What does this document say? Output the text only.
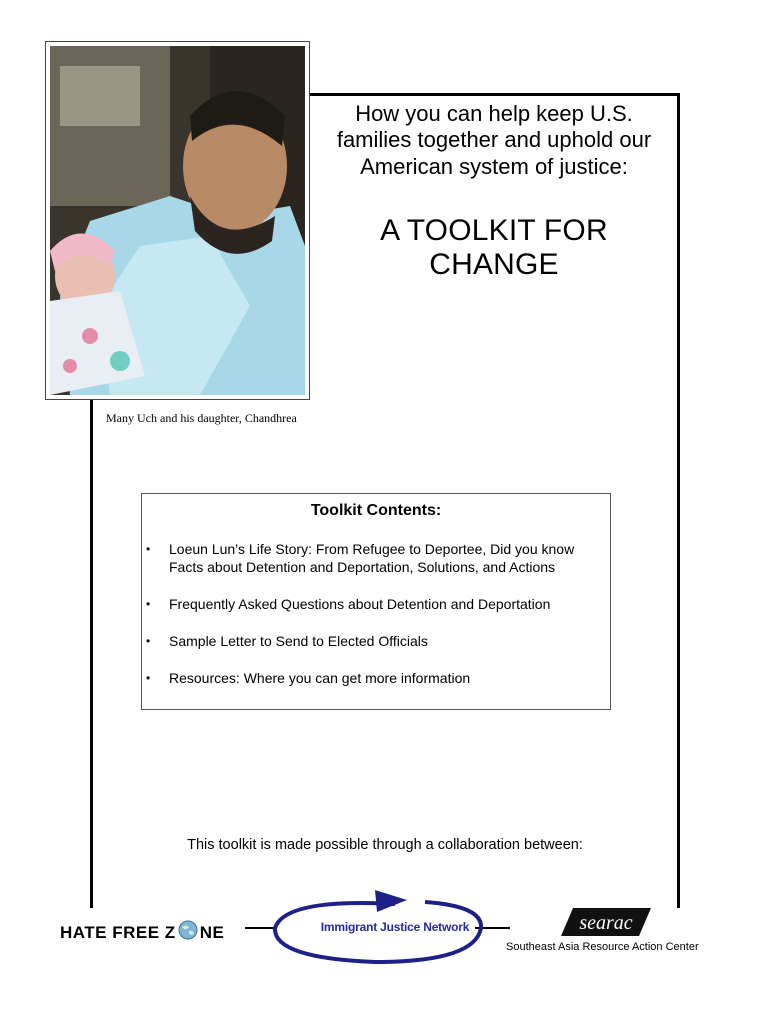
Many Uch and his daughter, Chandhrea
How you can help keep U.S.
families together and uphold our
American system of justice:
A TOOLKIT FOR CHANGE
Toolkit Contents:
• Loeun Lun’s Life Story: From Refugee to Deportee, Did you know Facts about Detention and Deportation, Solutions, and Actions
• Frequently Asked Questions about Detention and Deportation
• Sample Letter to Send to Elected Officials
• Resources: Where you can get more information
This toolkit is made possible through a collaboration between:
HATE FREE Z NE	Immigrant Justice Network	searac
Southeast Asia Resource Action Center
